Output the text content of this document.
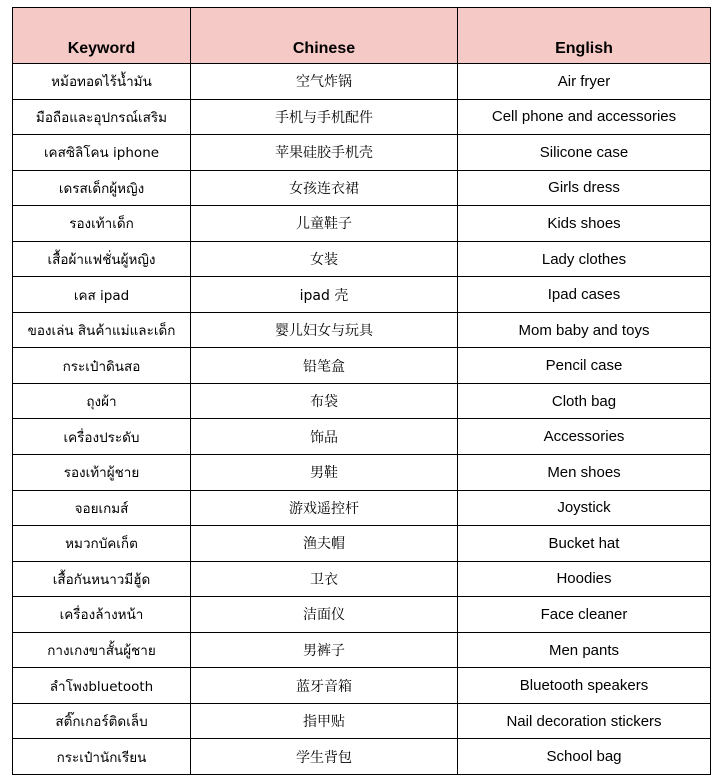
Keyword	Chinese	English
หม้อทอดไร้น้ำมัน	空气炸锅	Air fryer
มือถือและอุปกรณ์เสริม	手机与手机配件	Cell phone and accessories
เคสซิลิโคน iphone	苹果硅胶手机壳	Silicone case
เดรสเด็กผู้หญิง	女孩连衣裙	Girls dress
รองเท้าเด็ก	儿童鞋子	Kids shoes
เสื้อผ้าแฟชั่นผู้หญิง	女装	Lady clothes
เคส ipad	ipad 壳	Ipad cases
ของเล่น สินค้าแม่และเด็ก	婴儿妇女与玩具	Mom baby and toys
กระเป๋าดินสอ	铅笔盒	Pencil case
ถุงผ้า	布袋	Cloth bag
เครื่องประดับ	饰品	Accessories
รองเท้าผู้ชาย	男鞋	Men shoes
จอยเกมส์	游戏遥控杆	Joystick
หมวกบัคเก็ต	渔夫帽	Bucket hat
เสื้อกันหนาวมีฮู้ด	卫衣	Hoodies
เครื่องล้างหน้า	洁面仪	Face cleaner
กางเกงขาสั้นผู้ชาย	男裤子	Men pants
ลำโพงbluetooth	蓝牙音箱	Bluetooth speakers
สติ๊กเกอร์ติดเล็บ	指甲贴	Nail decoration stickers
กระเป๋านักเรียน	学生背包	School bag
